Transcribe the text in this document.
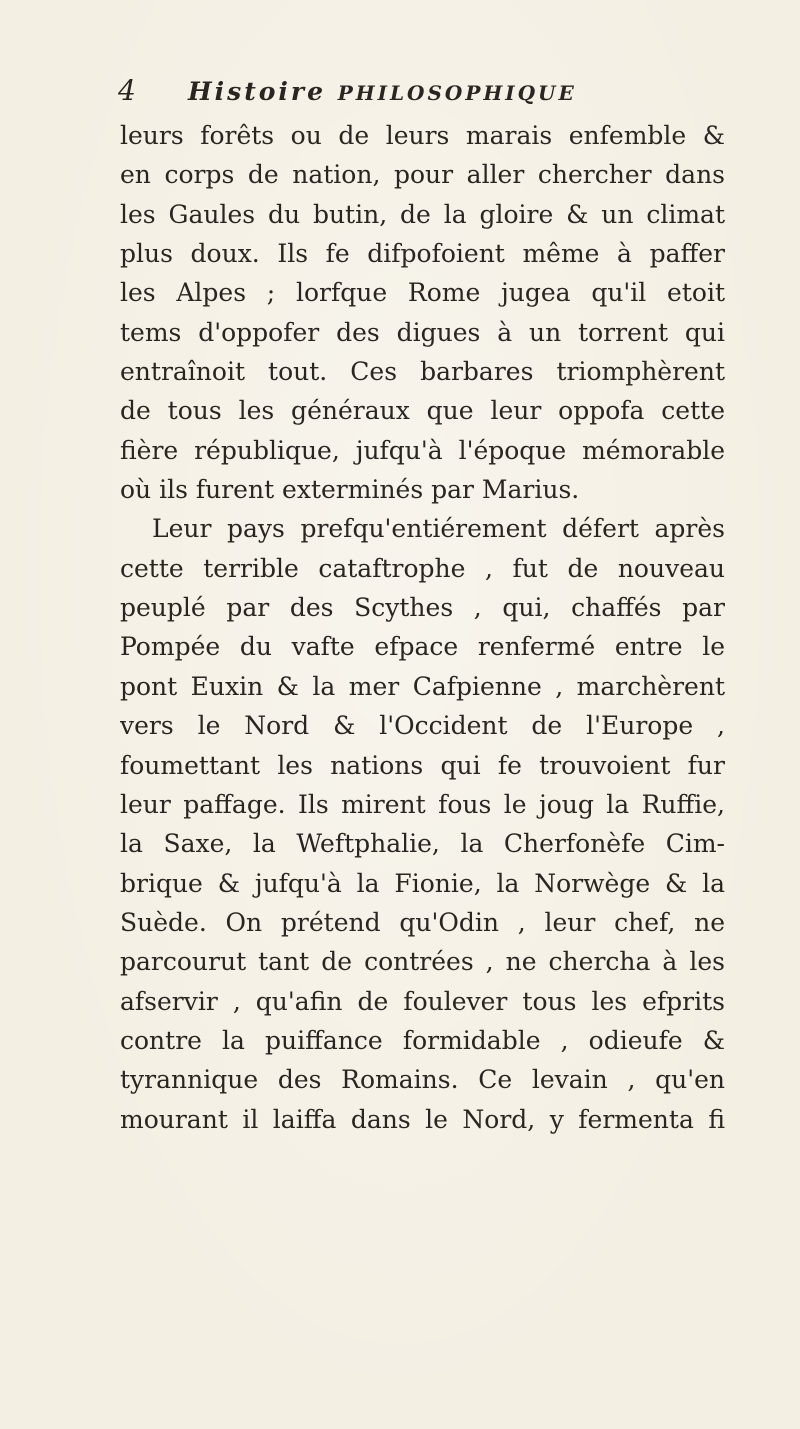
4	Histoire PHILOSOPHIQUE
leurs forêts ou de leurs marais enfemble &
en corps de nation, pour aller chercher dans
les Gaules du butin, de la gloire & un climat
plus doux. Ils fe difpofoient même à paffer
les Alpes ; lorfque Rome jugea qu'il etoit
tems d'oppofer des digues à un torrent qui
entraînoit tout. Ces barbares triomphèrent
de tous les généraux que leur oppofa cette
fière république, jufqu'à l'époque mémorable
où ils furent exterminés par Marius.
Leur pays prefqu'entiérement défert après
cette terrible cataftrophe , fut de nouveau
peuplé par des Scythes , qui, chaffés par
Pompée du vafte efpace renfermé entre le
pont Euxin & la mer Cafpienne , marchèrent
vers le Nord & l'Occident de l'Europe ,
foumettant les nations qui fe trouvoient fur
leur paffage. Ils mirent fous le joug la Ruffie,
la Saxe, la Weftphalie, la Cherfonèfe Cim-
brique & jufqu'à la Fionie, la Norwège & la
Suède. On prétend qu'Odin , leur chef, ne
parcourut tant de contrées , ne chercha à les
afservir , qu'afin de foulever tous les efprits
contre la puiffance formidable , odieufe &
tyrannique des Romains. Ce levain , qu'en
mourant il laiffa dans le Nord, y fermenta fi
